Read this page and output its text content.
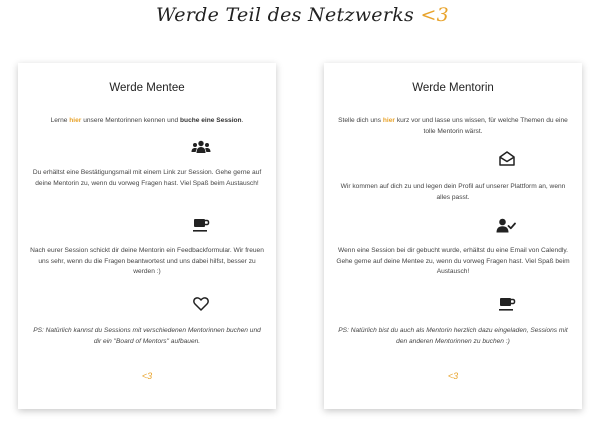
Werde Teil des Netzwerks <3
Werde Mentee

Lerne hier unsere Mentorinnen kennen und buche eine Session.

Du erhältst eine Bestätigungsmail mit einem Link zur Session. Gehe gerne auf deine Mentorin zu, wenn du vorweg Fragen hast. Viel Spaß beim Austausch!

Nach eurer Session schickt dir deine Mentorin ein Feedbackformular. Wir freuen uns sehr, wenn du die Fragen beantwortest und uns dabei hilfst, besser zu werden :)

PS: Natürlich kannst du Sessions mit verschiedenen Mentorinnen buchen und dir ein "Board of Mentors" aufbauen.

<3
Werde Mentorin

Stelle dich uns hier kurz vor und lasse uns wissen, für welche Themen du eine tolle Mentorin wärst.

Wir kommen auf dich zu und legen dein Profil auf unserer Plattform an, wenn alles passt.

Wenn eine Session bei dir gebucht wurde, erhältst du eine Email von Calendly. Gehe gerne auf deine Mentee zu, wenn du vorweg Fragen hast. Viel Spaß beim Austausch!

PS: Natürlich bist du auch als Mentorin herzlich dazu eingeladen, Sessions mit den anderen Mentorinnen zu buchen :)

<3
